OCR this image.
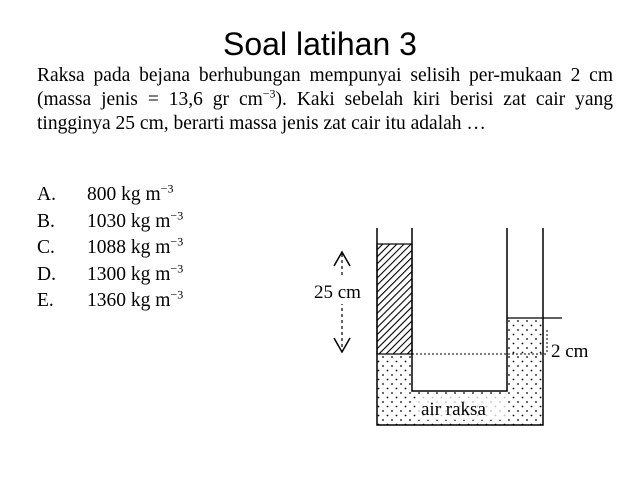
Soal latihan 3
Raksa pada bejana berhubungan mempunyai selisih per-mukaan 2 cm (massa jenis = 13,6 gr $cm^{-3}$). Kaki sebelah kiri berisi zat cair yang tingginya 25 cm, berarti massa jenis zat cair itu adalah …
A. 800 kg $m^{-3}$
B. 1030 kg $m^{-3}$
C. 1088 kg $m^{-3}$
D. 1300 kg $m^{-3}$
E. 1360 kg $m^{-3}$	25 cm
2 cm
air raksa
